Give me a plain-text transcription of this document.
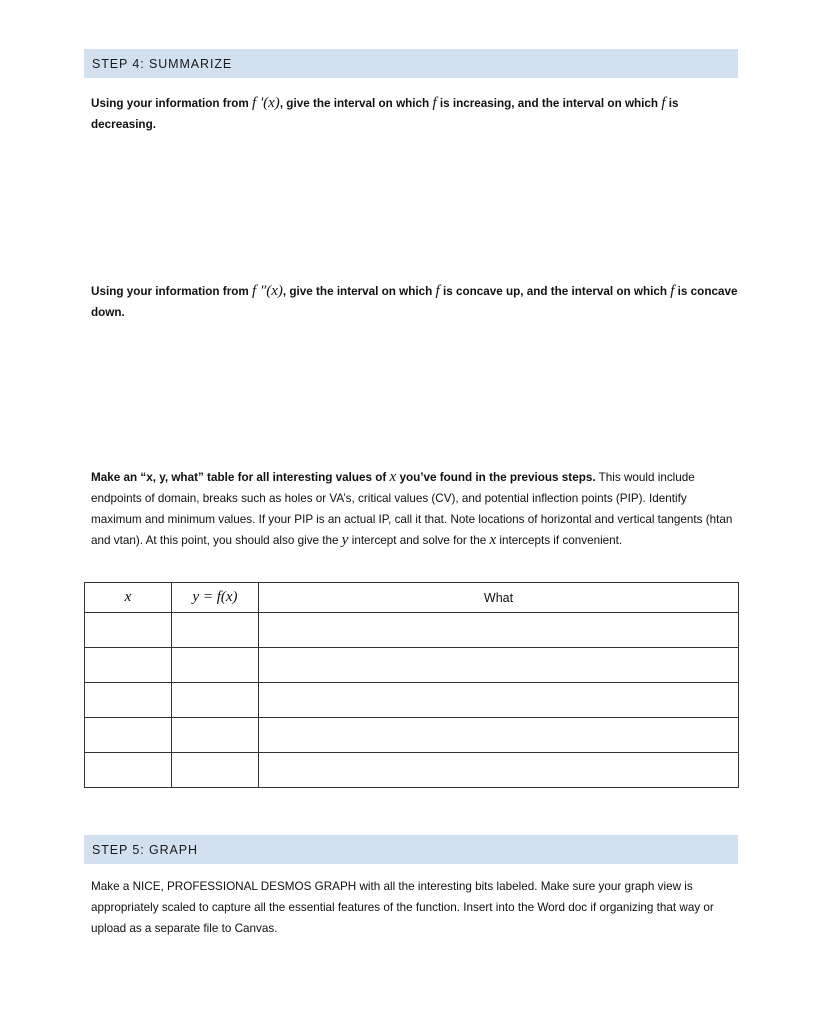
STEP 4: SUMMARIZE
Using your information from f '(x), give the interval on which f is increasing, and the interval on which f is decreasing.
Using your information from f "(x), give the interval on which f is concave up, and the interval on which f is concave down.
Make an “x, y, what” table for all interesting values of x you’ve found in the previous steps. This would include endpoints of domain, breaks such as holes or VA’s, critical values (CV), and potential inflection points (PIP). Identify maximum and minimum values. If your PIP is an actual IP, call it that. Note locations of horizontal and vertical tangents (htan and vtan). At this point, you should also give the y intercept and solve for the x intercepts if convenient.
x	y = f(x)	What

STEP 5: GRAPH
Make a NICE, PROFESSIONAL DESMOS GRAPH with all the interesting bits labeled. Make sure your graph view is appropriately scaled to capture all the essential features of the function. Insert into the Word doc if organizing that way or upload as a separate file to Canvas.
